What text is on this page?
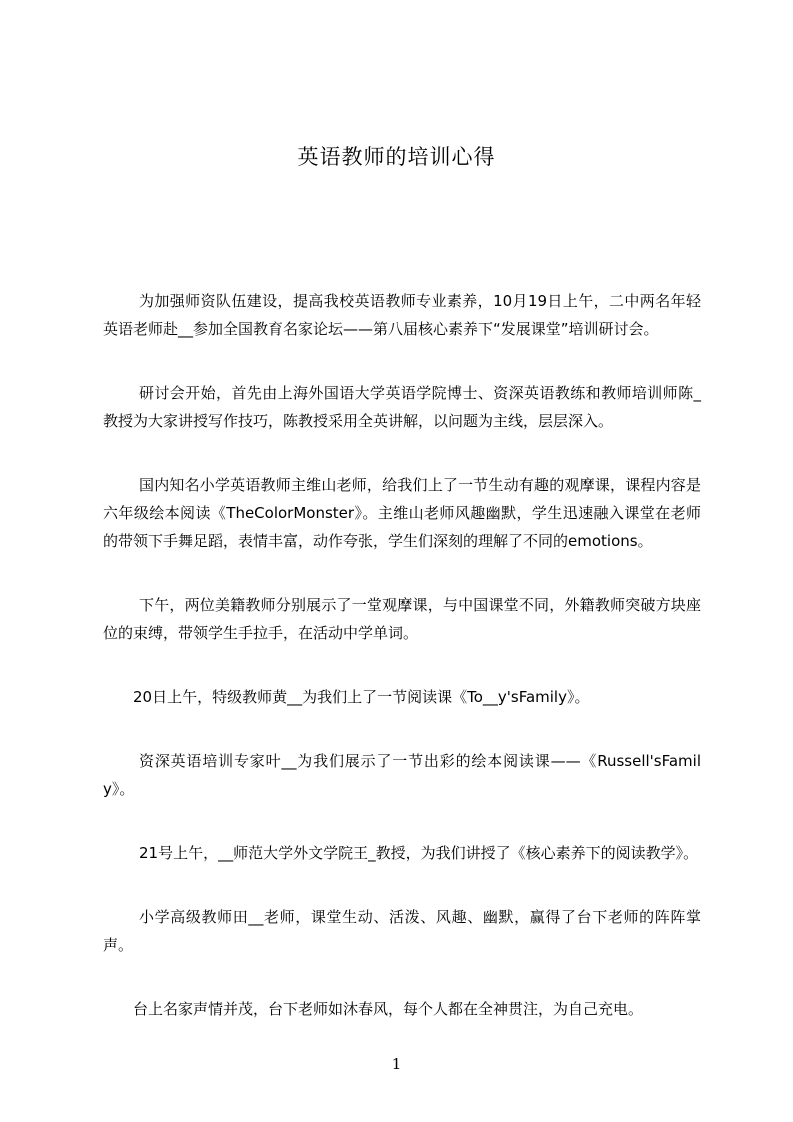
英语教师的培训心得

为加强师资队伍建设，提高我校英语教师专业素养，10月19日上午，二中两名年轻英语老师赴__参加全国教育名家论坛——第八届核心素养下“发展课堂”培训研讨会。

研讨会开始，首先由上海外国语大学英语学院博士、资深英语教练和教师培训师陈_教授为大家讲授写作技巧，陈教授采用全英讲解，以问题为主线，层层深入。

国内知名小学英语教师主维山老师，给我们上了一节生动有趣的观摩课，课程内容是六年级绘本阅读《TheColorMonster》。主维山老师风趣幽默，学生迅速融入课堂在老师的带领下手舞足蹈，表情丰富，动作夸张，学生们深刻的理解了不同的emotions。

下午，两位美籍教师分别展示了一堂观摩课，与中国课堂不同，外籍教师突破方块座位的束缚，带领学生手拉手，在活动中学单词。

20日上午，特级教师黄__为我们上了一节阅读课《To__y'sFamily》。

资深英语培训专家叶__为我们展示了一节出彩的绘本阅读课——《Russell'sFamily》。

21号上午，__师范大学外文学院王_教授，为我们讲授了《核心素养下的阅读教学》。

小学高级教师田__老师，课堂生动、活泼、风趣、幽默，赢得了台下老师的阵阵掌声。

台上名家声情并茂，台下老师如沐春风，每个人都在全神贯注，为自己充电。

1
